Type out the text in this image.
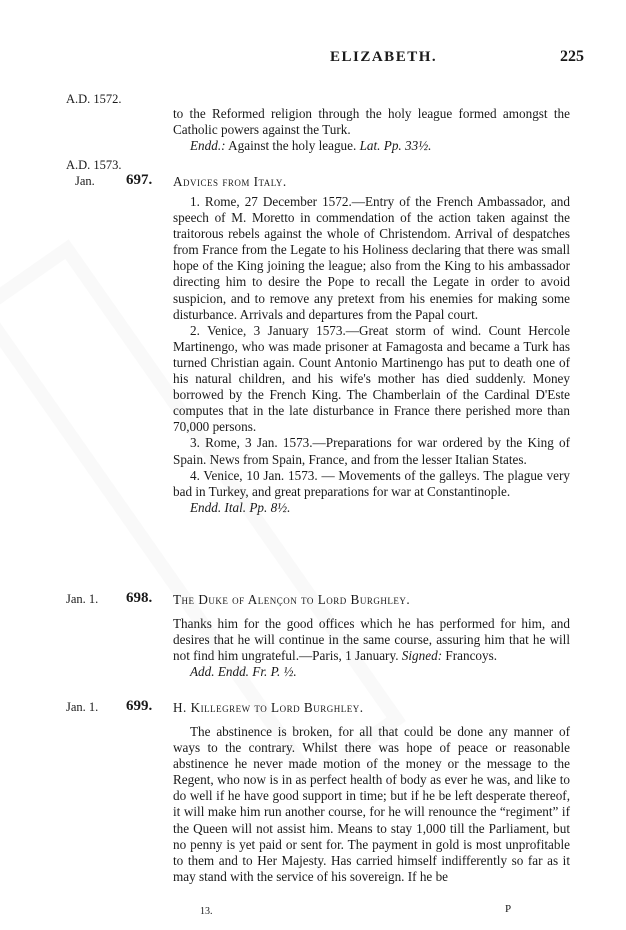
ELIZABETH.	225
A.D. 1572.

to the Reformed religion through the holy league formed amongst the Catholic powers against the Turk.

Endd.: Against the holy league. Lat. Pp. 33½.

A.D. 1573.
Jan. 697. Advices from Italy.

1. Rome, 27 December 1572.—Entry of the French Ambassador, and speech of M. Moretto in commendation of the action taken against the traitorous rebels against the whole of Christendom. Arrival of despatches from France from the Legate to his Holiness declaring that there was small hope of the King joining the league; also from the King to his ambassador directing him to desire the Pope to recall the Legate in order to avoid suspicion, and to remove any pretext from his enemies for making some disturbance. Arrivals and departures from the Papal court.

2. Venice, 3 January 1573.—Great storm of wind. Count Hercole Martinengo, who was made prisoner at Famagosta and became a Turk has turned Christian again. Count Antonio Martinengo has put to death one of his natural children, and his wife's mother has died suddenly. Money borrowed by the French King. The Chamberlain of the Cardinal D'Este computes that in the late disturbance in France there perished more than 70,000 persons.

3. Rome, 3 Jan. 1573.—Preparations for war ordered by the King of Spain. News from Spain, France, and from the lesser Italian States.

4. Venice, 10 Jan. 1573. — Movements of the galleys. The plague very bad in Turkey, and great preparations for war at Constantinople.

Endd. Ital. Pp. 8½.

Jan. 1. 698. The Duke of Alençon to Lord Burghley.

Thanks him for the good offices which he has performed for him, and desires that he will continue in the same course, assuring him that he will not find him ungrateful.—Paris, 1 January. Signed: Francoys.

Add. Endd. Fr. P. ½.

Jan. 1. 699. H. Killegrew to Lord Burghley.

The abstinence is broken, for all that could be done any manner of ways to the contrary. Whilst there was hope of peace or reasonable abstinence he never made motion of the money or the message to the Regent, who now is in as perfect health of body as ever he was, and like to do well if he have good support in time; but if he be left desperate thereof, it will make him run another course, for he will renounce the “regiment” if the Queen will not assist him. Means to stay 1,000 till the Parliament, but no penny is yet paid or sent for. The payment in gold is most unprofitable to them and to Her Majesty. Has carried himself indifferently so far as it may stand with the service of his sovereign. If he be

13.	P
